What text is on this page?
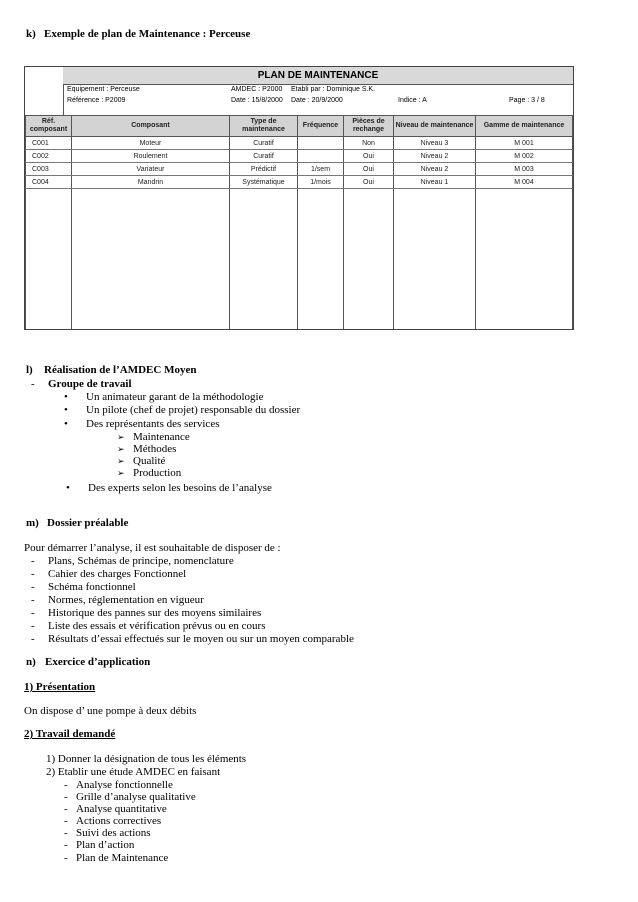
k) Exemple de plan de Maintenance : Perceuse
PLAN DE MAINTENANCE
Equipement : Perceuse	AMDEC : P2000 Etabli par : Dominique S.K.
Référence : P2009	Date : 15/8/2000 Date : 20/9/2000	Indice : A	Page : 3 / 8
Réf. composant	Composant	Type de maintenance	Fréquence	Pièces de rechange	Niveau de maintenance	Gamme de maintenance
C001	Moteur	Curatif		Non	Niveau 3	M 001
C002	Roulement	Curatif		Oui	Niveau 2	M 002
C003	Variateur	Prédictif	1/sem	Oui	Niveau 2	M 003
C004	Mandrin	Systématique	1/mois	Oui	Niveau 1	M 004

l) Réalisation de l’AMDEC Moyen
- Groupe de travail
• Un animateur garant de la méthodologie
• Un pilote (chef de projet) responsable du dossier
• Des représentants des services
➢ Maintenance
➢ Méthodes
➢ Qualité
➢ Production
• Des experts selon les besoins de l’analyse
m) Dossier préalable
Pour démarrer l’analyse, il est souhaitable de disposer de :
- Plans, Schémas de principe, nomenclature
- Cahier des charges Fonctionnel
- Schéma fonctionnel
- Normes, réglementation en vigueur
- Historique des pannes sur des moyens similaires
- Liste des essais et vérification prévus ou en cours
- Résultats d’essai effectués sur le moyen ou sur un moyen comparable
n) Exercice d’application
1) Présentation
On dispose d’ une pompe à deux débits
2) Travail demandé
1) Donner la désignation de tous les éléments
2) Etablir une étude AMDEC en faisant
- Analyse fonctionnelle
- Grille d’analyse qualitative
- Analyse quantitative
- Actions correctives
- Suivi des actions
- Plan d’action
- Plan de Maintenance
